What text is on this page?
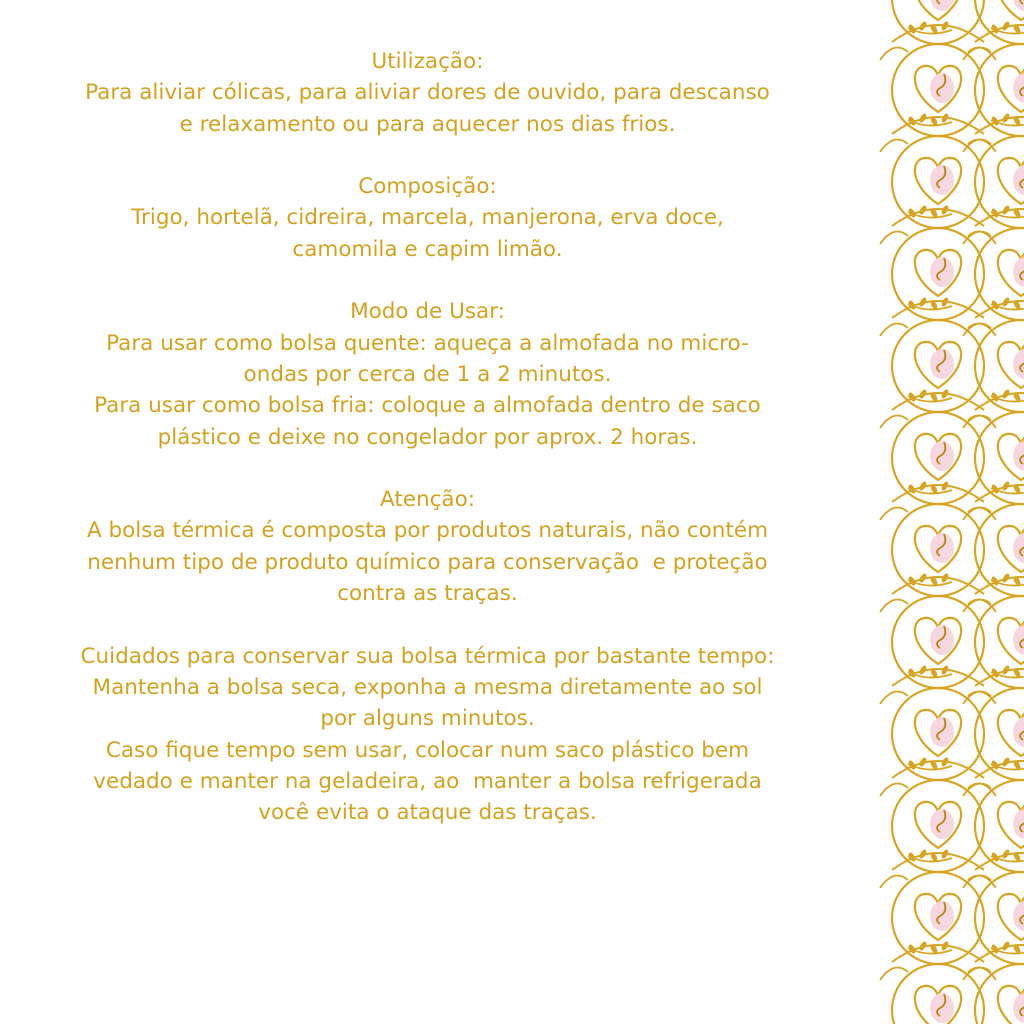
Utilização:

Para aliviar cólicas, para aliviar dores de ouvido, para descanso

e relaxamento ou para aquecer nos dias frios.

Composição:

Trigo, hortelã, cidreira, marcela, manjerona, erva doce,

camomila e capim limão.

Modo de Usar:

Para usar como bolsa quente: aqueça a almofada no micro-

ondas por cerca de 1 a 2 minutos.

Para usar como bolsa fria: coloque a almofada dentro de saco

plástico e deixe no congelador por aprox. 2 horas.

Atenção:

A bolsa térmica é composta por produtos naturais, não contém

nenhum tipo de produto químico para conservação  e proteção

contra as traças.

Cuidados para conservar sua bolsa térmica por bastante tempo:

Mantenha a bolsa seca, exponha a mesma diretamente ao sol

por alguns minutos.

Caso fique tempo sem usar, colocar num saco plástico bem

vedado e manter na geladeira, ao  manter a bolsa refrigerada

você evita o ataque das traças.
